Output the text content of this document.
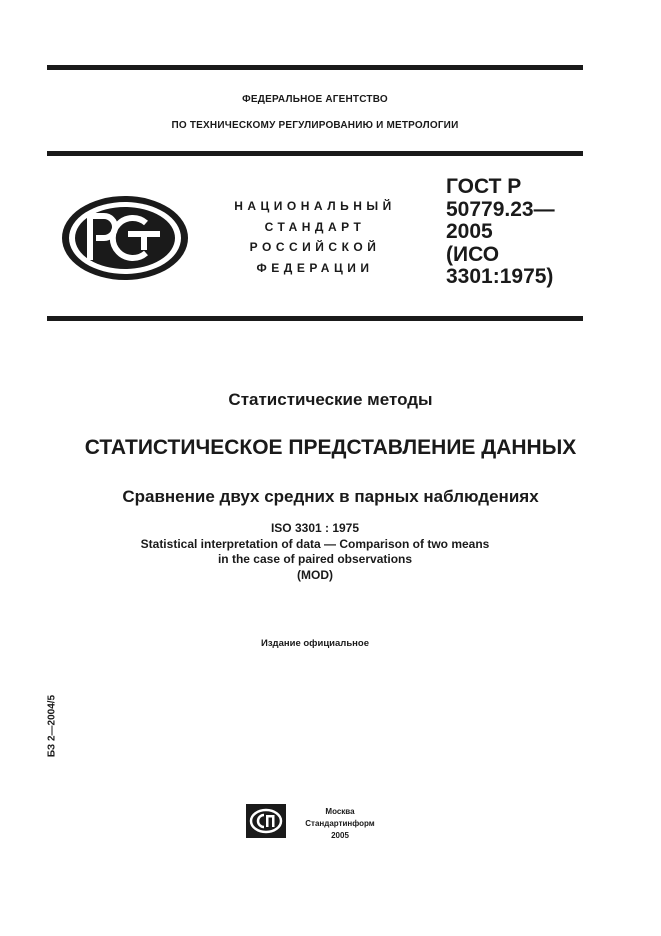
ФЕДЕРАЛЬНОЕ АГЕНТСТВО
ПО ТЕХНИЧЕСКОМУ РЕГУЛИРОВАНИЮ И МЕТРОЛОГИИ
НАЦИОНАЛЬНЫЙ
СТАНДАРТ
РОССИЙСКОЙ
ФЕДЕРАЦИИ
ГОСТ Р
50779.23—
2005
(ИСО
3301:1975)
Статистические методы
СТАТИСТИЧЕСКОЕ ПРЕДСТАВЛЕНИЕ ДАННЫХ
Сравнение двух средних в парных наблюдениях
ISO 3301 : 1975
Statistical interpretation of data — Comparison of two means
in the case of paired observations
(MOD)
Издание официальное
БЗ 2—2004/5
Москва
Стандартинформ
2005
